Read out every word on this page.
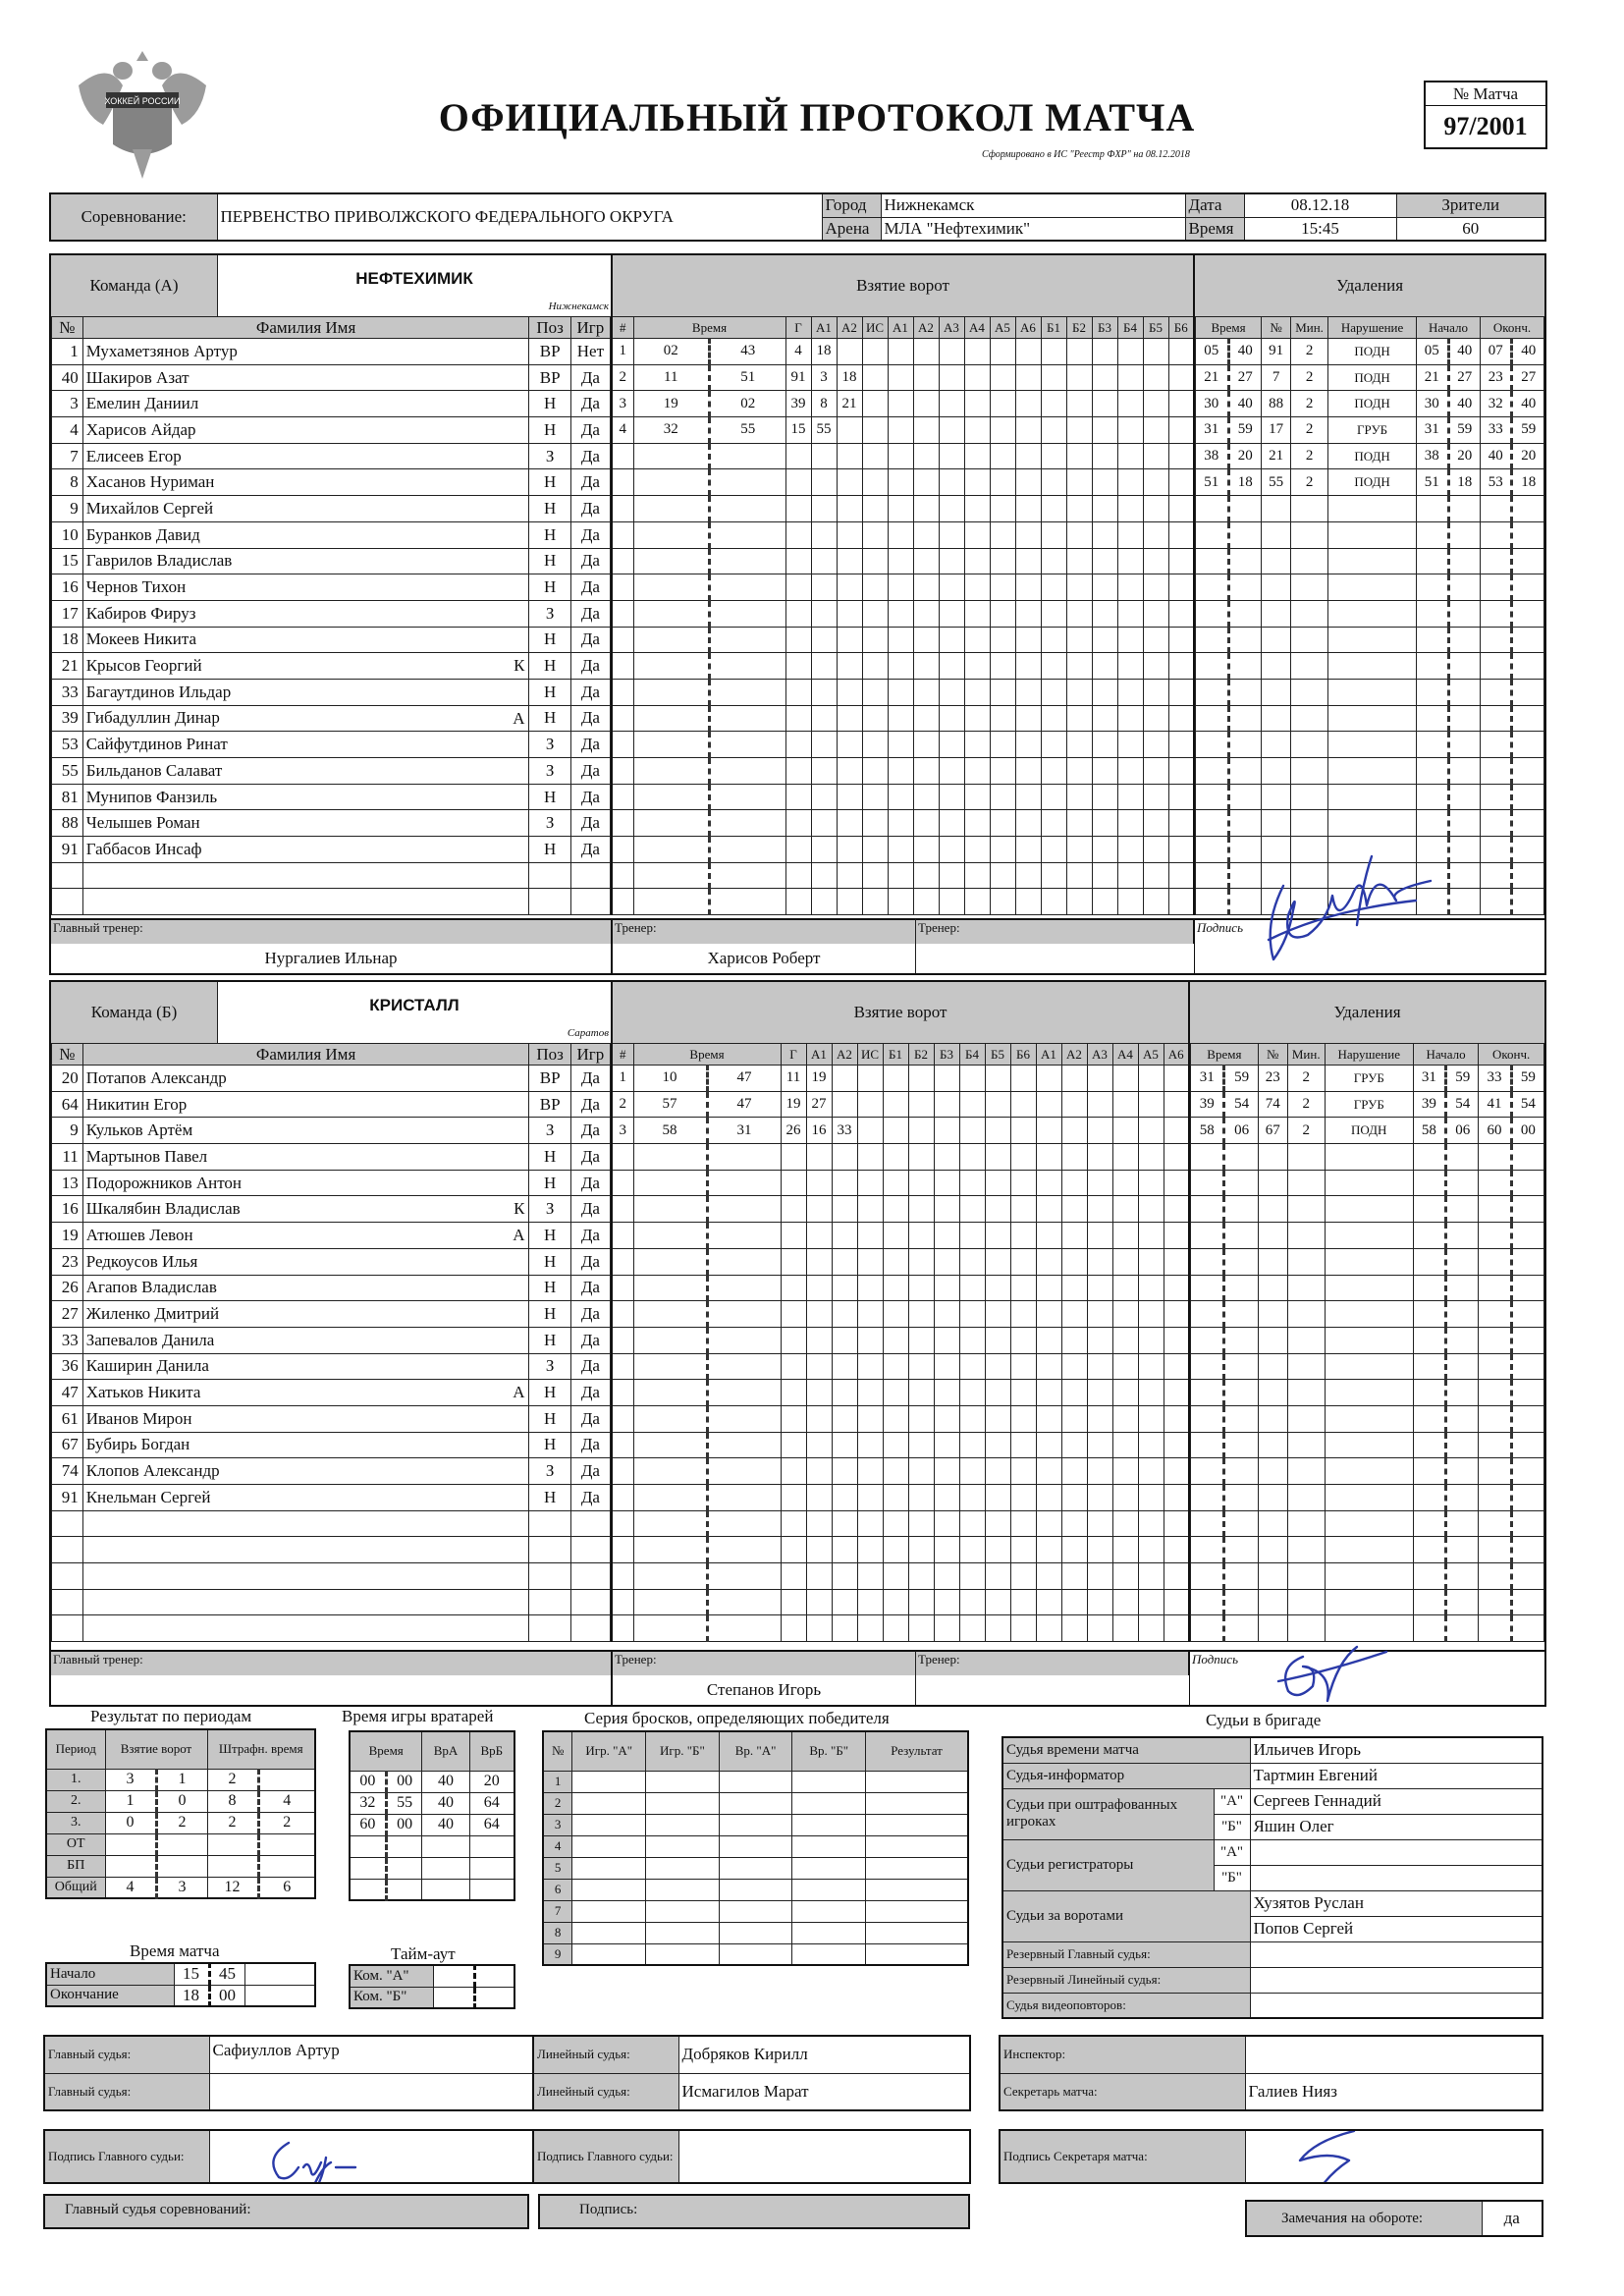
ХОККЕЙ РОССИИ	ОФИЦИАЛЬНЫЙ ПРОТОКОЛ МАТЧА
Сформировано в ИС "Реестр ФХР" на 08.12.2018
№ Матча
97/2001
Соревнование:	ПЕРВЕНСТВО ПРИВОЛЖСКОГО ФЕДЕРАЛЬНОГО ОКРУГА	Город	Нижнекамск	Дата	08.12.18	Зрители
		Арена	МЛА "Нефтехимик"	Время	15:45	60
Команда (А)	НЕФТЕХИМИК
Нижнекамск
Взятие ворот	Удаления
№	Фамилия Имя	Поз	Игр
1	Мухаметзянов Артур	ВР	Нет
40	Шакиров Азат	ВР	Да
3	Емелин Даниил	Н	Да
4	Харисов Айдар	Н	Да
7	Елисеев Егор	З	Да
8	Хасанов Нуриман	Н	Да
9	Михайлов Сергей	Н	Да
10	Буранков Давид	Н	Да
15	Гаврилов Владислав	Н	Да
16	Чернов Тихон	Н	Да
17	Кабиров Фируз	З	Да
18	Мокеев Никита	Н	Да
21	Крысов Георгий К	Н	Да
33	Багаутдинов Ильдар	Н	Да
39	Гибадуллин Динар А	Н	Да
53	Сайфутдинов Ринат	З	Да
55	Бильданов Салават	З	Да
81	Мунипов Фанзиль	Н	Да
88	Челышев Роман	З	Да
91	Габбасов Инсаф	Н	Да

#	Время		Г	А1	А2	ИС	А1	А2	А3	А4	А5	А6	Б1	Б2	Б3	Б4	Б5	Б6
1	02	43	4	18														
2	11	51	91	3	18													
3	19	02	39	8	21													
4	32	55	15	55														

Время		№	Мин.	Нарушение	Начало		Оконч.	
05	40	91	2	ПОДН	05	40	07	40
21	27	7	2	ПОДН	21	27	23	27
30	40	88	2	ПОДН	30	40	32	40
31	59	17	2	ГРУБ	31	59	33	59
38	20	21	2	ПОДН	38	20	40	20
51	18	55	2	ПОДН	51	18	53	18

Главный тренер:
Нургалиев Ильнар
Тренер:
Харисов Роберт
Тренер:	Подпись
Команда (Б)	КРИСТАЛЛ
Саратов
Взятие ворот	Удаления
№	Фамилия Имя	Поз	Игр
20	Потапов Александр	ВР	Да
64	Никитин Егор	ВР	Да
9	Кульков Артём	З	Да
11	Мартынов Павел	Н	Да
13	Подорожников Антон	Н	Да
16	Шкалябин Владислав К	З	Да
19	Атюшев Левон А	Н	Да
23	Редкоусов Илья	Н	Да
26	Агапов Владислав	Н	Да
27	Жиленко Дмитрий	Н	Да
33	Запевалов Данила	Н	Да
36	Каширин Данила	З	Да
47	Хатьков Никита А	Н	Да
61	Иванов Мирон	Н	Да
67	Бубирь Богдан	Н	Да
74	Клопов Александр	З	Да
91	Кнельман Сергей	Н	Да

#	Время		Г	А1	А2	ИС	Б1	Б2	Б3	Б4	Б5	Б6	А1	А2	А3	А4	А5	А6
1	10	47	11	19														
2	57	47	19	27														
3	58	31	26	16	33													

Время		№	Мин.	Нарушение	Начало		Оконч.	
31	59	23	2	ГРУБ	31	59	33	59
39	54	74	2	ГРУБ	39	54	41	54
58	06	67	2	ПОДН	58	06	60	00

Главный тренер:	Тренер:
Степанов Игорь
Тренер:	Подпись
Результат по периодам
Период	Взятие ворот		Штрафн. время	
1.	3	1	2	
2.	1	0	8	4
3.	0	2	2	2
ОТ				
БП				
Общий	4	3	12	6
Время игры вратарей
Время		ВрА	ВрБ
00	00	40	20
32	55	40	64
60	00	40	64

Серия бросков, определяющих победителя
№	Игр. "А"	Игр. "Б"	Вр. "А"	Вр. "Б"	Результат
1					
2					
3					
4					
5					
6					
7					
8					
9					
Время матча
Начало	15	45	
Окончание	18	00	
Тайм-аут
Ком. "А"		
Ком. "Б"		
Судьи в бригаде
Судья времени матча		Ильичев Игорь
Судья-информатор		Тартмин Евгений
Судьи при оштрафованных игроках	"А"	Сергеев Геннадий
	"Б"	Яшин Олег
Судьи регистраторы	"А"	
	"Б"	
Судьи за воротами		Хузятов Руслан
		Попов Сергей
Резервный Главный судья:		
Резервный Линейный судья:		
Судья видеоповторов:		
Главный судья:	Сафиуллов Артур	Линейный судья:	Добряков Кирилл
Главный судья:		Линейный судья:	Исмагилов Марат
Инспектор:	
Секретарь матча:	Галиев Нияз
Подпись Главного судьи:		Подпись Главного судьи:		Подпись Секретаря матча:	
Главный судья соревнований:	Подпись:
Замечания на обороте:	да
